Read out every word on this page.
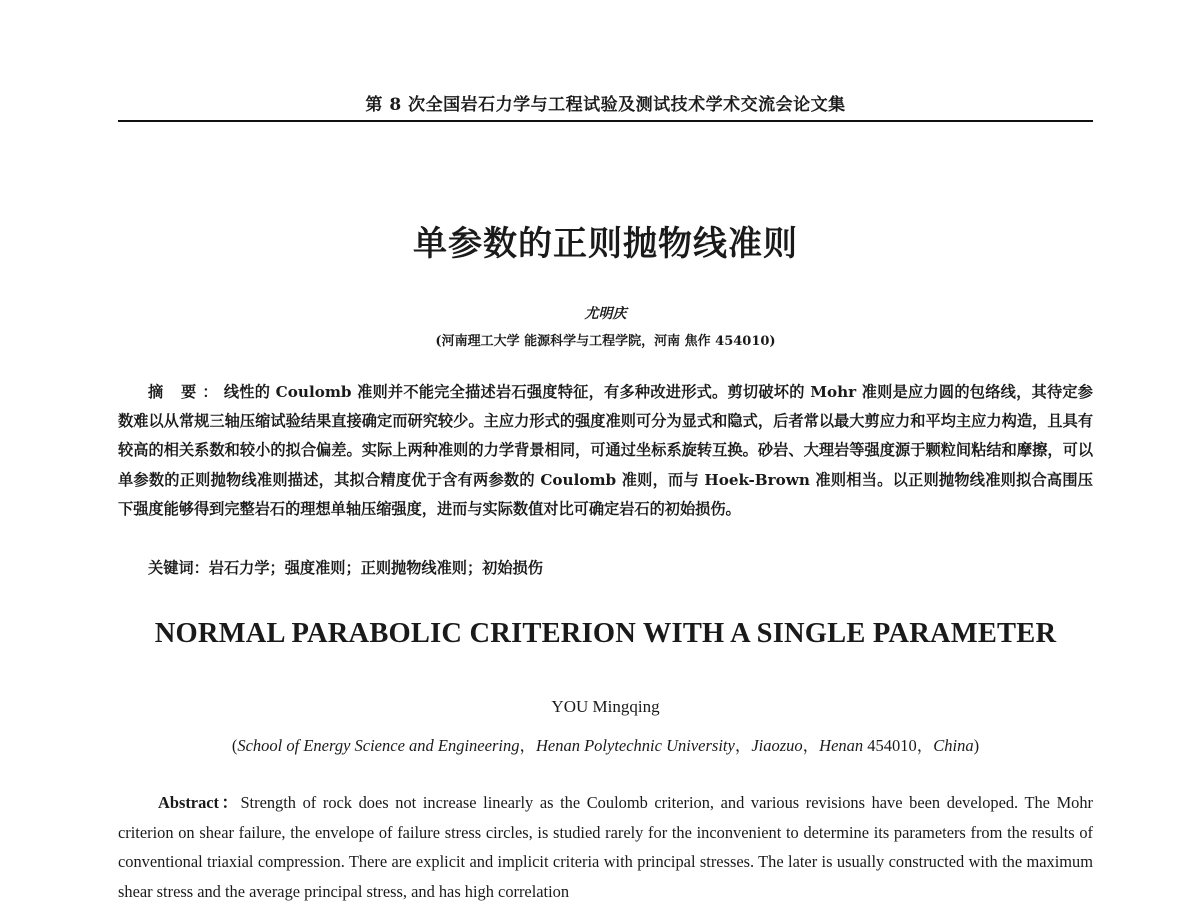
第 8 次全国岩石力学与工程试验及测试技术学术交流会论文集
单参数的正则抛物线准则
尤明庆
(河南理工大学 能源科学与工程学院，河南 焦作 454010)
摘 要：线性的 Coulomb 准则并不能完全描述岩石强度特征，有多种改进形式。剪切破坏的 Mohr 准则是应力圆的包络线，其待定参数难以从常规三轴压缩试验结果直接确定而研究较少。主应力形式的强度准则可分为显式和隐式，后者常以最大剪应力和平均主应力构造，且具有较高的相关系数和较小的拟合偏差。实际上两种准则的力学背景相同，可通过坐标系旋转互换。砂岩、大理岩等强度源于颗粒间粘结和摩擦，可以单参数的正则抛物线准则描述，其拟合精度优于含有两参数的 Coulomb 准则，而与 Hoek-Brown 准则相当。以正则抛物线准则拟合高围压下强度能够得到完整岩石的理想单轴压缩强度，进而与实际数值对比可确定岩石的初始损伤。
关键词：岩石力学；强度准则；正则抛物线准则；初始损伤
NORMAL PARABOLIC CRITERION WITH A SINGLE PARAMETER
YOU Mingqing
(School of Energy Science and Engineering，Henan Polytechnic University，Jiaozuo，Henan 454010，China)
Abstract：Strength of rock does not increase linearly as the Coulomb criterion, and various revisions have been developed. The Mohr criterion on shear failure, the envelope of failure stress circles, is studied rarely for the inconvenient to determine its parameters from the results of conventional triaxial compression. There are explicit and implicit criteria with principal stresses. The later is usually constructed with the maximum shear stress and the average principal stress, and has high correlation
